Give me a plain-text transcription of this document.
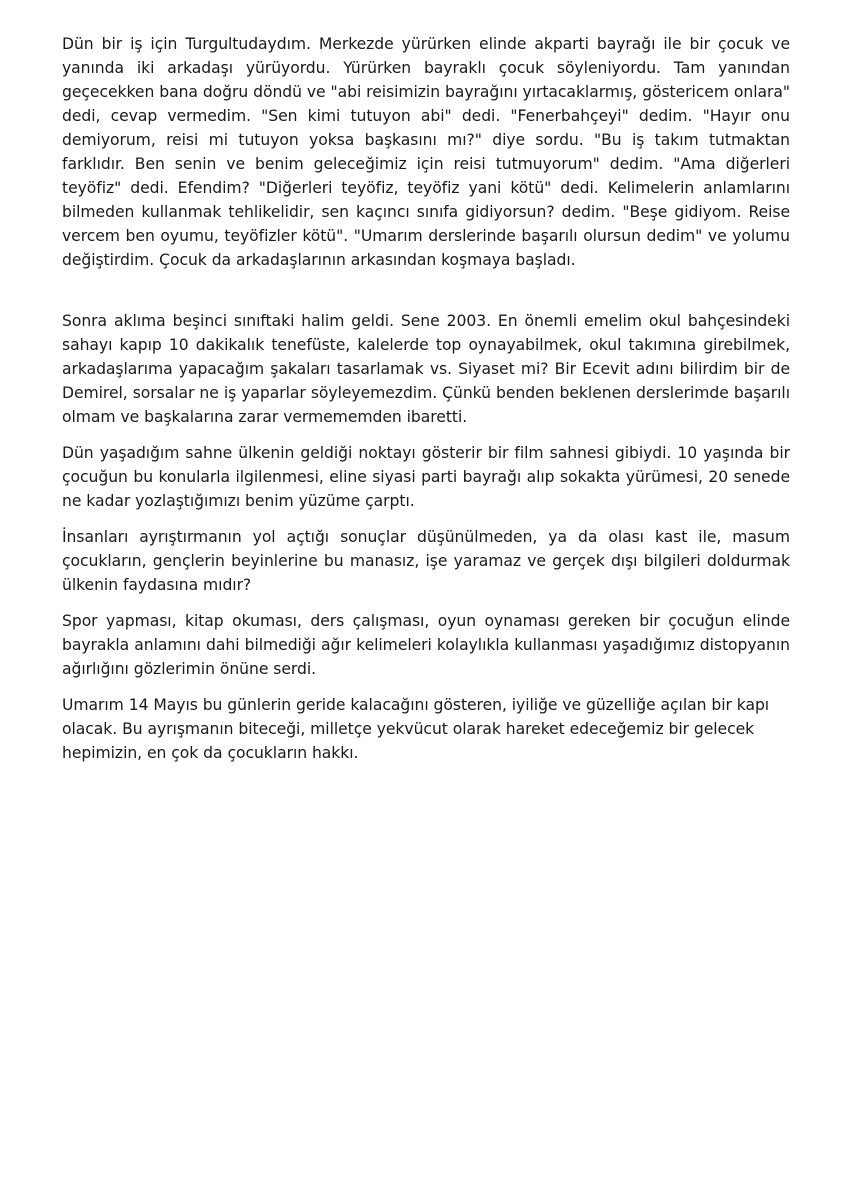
Dün bir iş için Turgultudaydım. Merkezde yürürken elinde akparti bayrağı ile bir çocuk ve yanında iki arkadaşı yürüyordu. Yürürken bayraklı çocuk söyleniyordu. Tam yanından geçecekken bana doğru döndü ve "abi reisimizin bayrağını yırtacaklarmış, göstericem onlara" dedi, cevap vermedim. "Sen kimi tutuyon abi" dedi. "Fenerbahçeyi" dedim. "Hayır onu demiyorum, reisi mi tutuyon yoksa başkasını mı?" diye sordu. "Bu iş takım tutmaktan farklıdır. Ben senin ve benim geleceğimiz için reisi tutmuyorum" dedim. "Ama diğerleri teyöfiz" dedi. Efendim? "Diğerleri teyöfiz, teyöfiz yani kötü" dedi. Kelimelerin anlamlarını bilmeden kullanmak tehlikelidir, sen kaçıncı sınıfa gidiyorsun? dedim. "Beşe gidiyom. Reise vercem ben oyumu, teyöfizler kötü". "Umarım derslerinde başarılı olursun dedim" ve yolumu değiştirdim. Çocuk da arkadaşlarının arkasından koşmaya başladı.

Sonra aklıma beşinci sınıftaki halim geldi. Sene 2003. En önemli emelim okul bahçesindeki sahayı kapıp 10 dakikalık tenefüste, kalelerde top oynayabilmek, okul takımına girebilmek, arkadaşlarıma yapacağım şakaları tasarlamak vs. Siyaset mi? Bir Ecevit adını bilirdim bir de Demirel, sorsalar ne iş yaparlar söyleyemezdim. Çünkü benden beklenen derslerimde başarılı olmam ve başkalarına zarar vermememden ibaretti.

Dün yaşadığım sahne ülkenin geldiği noktayı gösterir bir film sahnesi gibiydi. 10 yaşında bir çocuğun bu konularla ilgilenmesi, eline siyasi parti bayrağı alıp sokakta yürümesi, 20 senede ne kadar yozlaştığımızı benim yüzüme çarptı.

İnsanları ayrıştırmanın yol açtığı sonuçlar düşünülmeden, ya da olası kast ile, masum çocukların, gençlerin beyinlerine bu manasız, işe yaramaz ve gerçek dışı bilgileri doldurmak ülkenin faydasına mıdır?

Spor yapması, kitap okuması, ders çalışması, oyun oynaması gereken bir çocuğun elinde bayrakla anlamını dahi bilmediği ağır kelimeleri kolaylıkla kullanması yaşadığımız distopyanın ağırlığını gözlerimin önüne serdi.

Umarım 14 Mayıs bu günlerin geride kalacağını gösteren, iyiliğe ve güzelliğe açılan bir kapı olacak. Bu ayrışmanın biteceği, milletçe yekvücut olarak hareket edeceğemiz bir gelecek hepimizin, en çok da çocukların hakkı.
